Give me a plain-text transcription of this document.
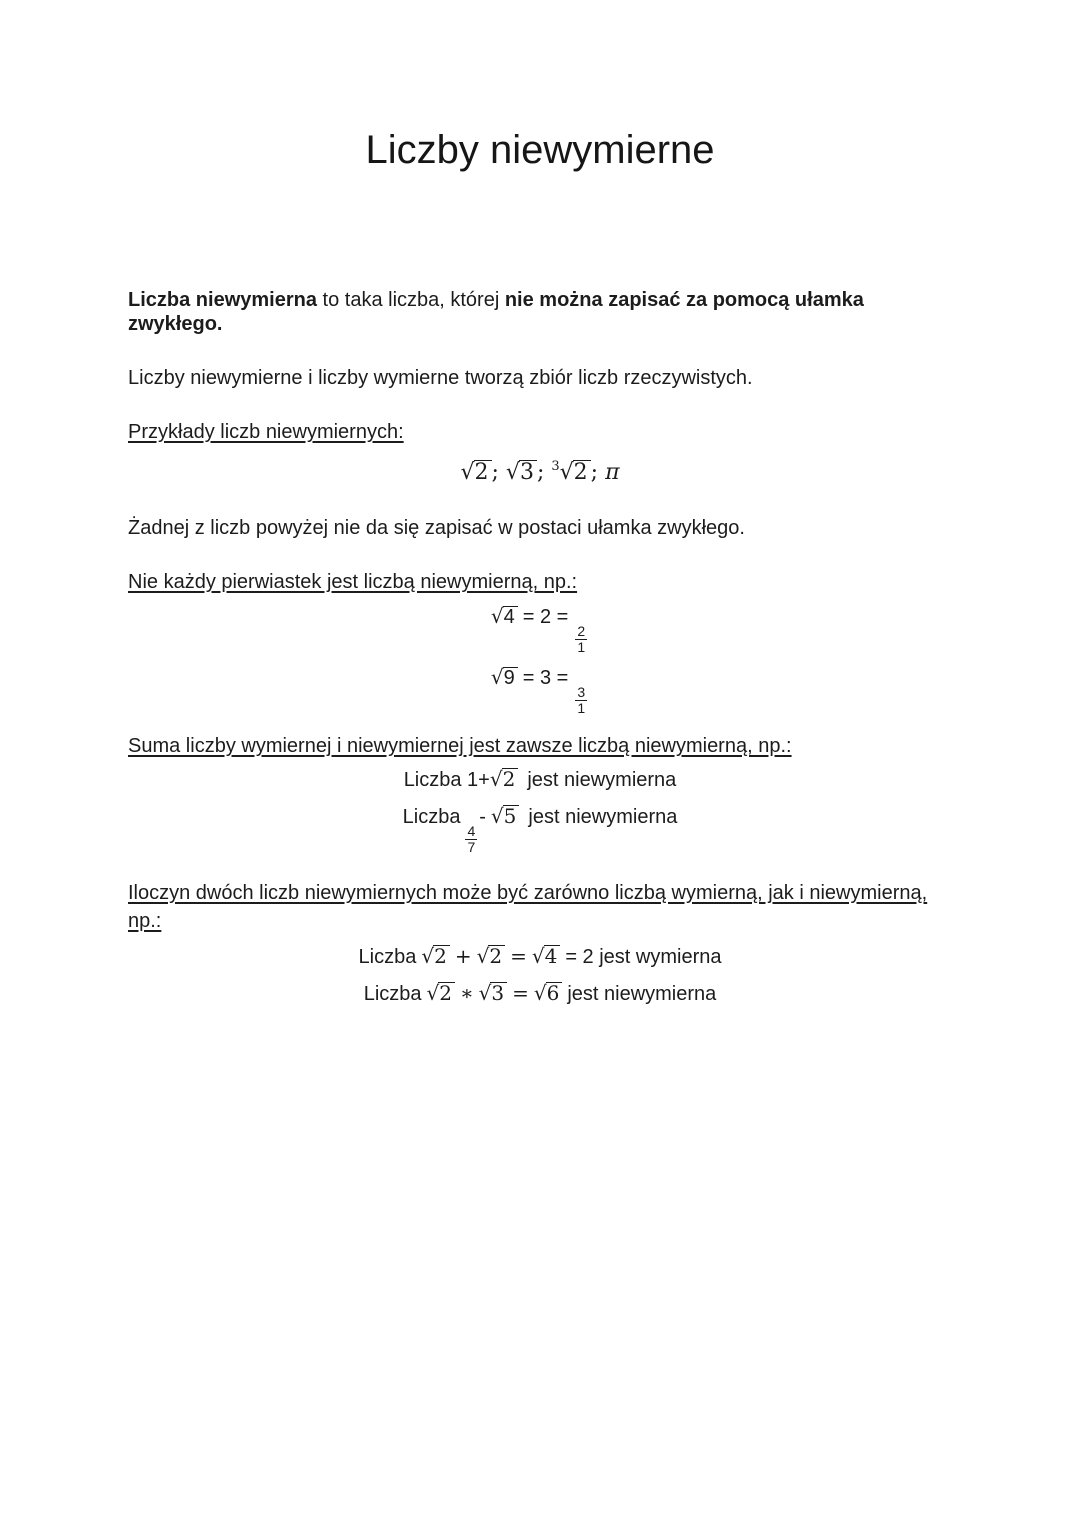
Liczby niewymierne
Liczba niewymierna to taka liczba, której nie można zapisać za pomocą ułamka zwykłego.
Liczby niewymierne i liczby wymierne tworzą zbiór liczb rzeczywistych.
Przykłady liczb niewymiernych:
√2 ; √3 ; $^3$√2 ; π
Żadnej z liczb powyżej nie da się zapisać w postaci ułamka zwykłego.
Nie każdy pierwiastek jest liczbą niewymierną, np.:
√4 = 2 =
$\frac{2}{1}$
√9 = 3 =
$\frac{3}{1}$
Suma liczby wymiernej i niewymiernej jest zawsze liczbą niewymierną, np.:
Liczba 1+√2 jest niewymierna
Liczba
$\frac{4}{7}$
- √5 jest niewymierna
Iloczyn dwóch liczb niewymiernych może być zarówno liczbą wymierną, jak i niewymierną,
np.:
Liczba √2 + √2 = √4 = 2 jest wymierna
Liczba √2 ∗ √3 = √6 jest niewymierna
